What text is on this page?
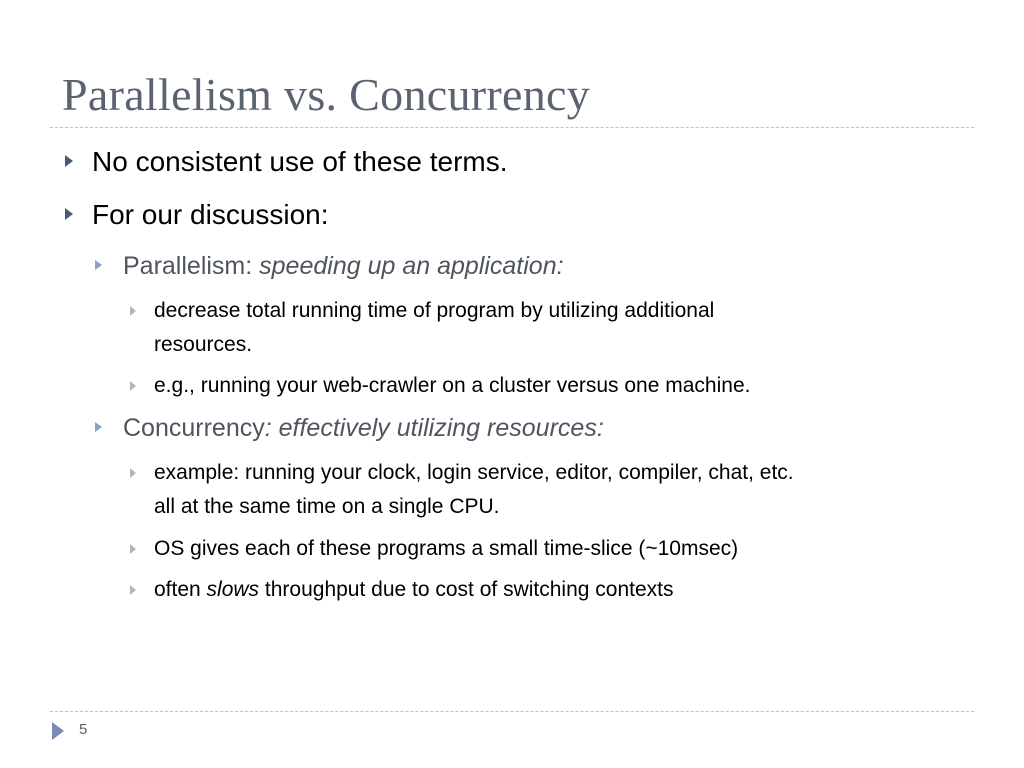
Parallelism vs. Concurrency
No consistent use of these terms.
For our discussion:
Parallelism: speeding up an application:
decrease total running time of program by utilizing additional
resources.
e.g., running your web-crawler on a cluster versus one machine.
Concurrency: effectively utilizing resources:
example: running your clock, login service, editor, compiler, chat, etc.
all at the same time on a single CPU.
OS gives each of these programs a small time-slice (~10msec)
often slows throughput due to cost of switching contexts
5
